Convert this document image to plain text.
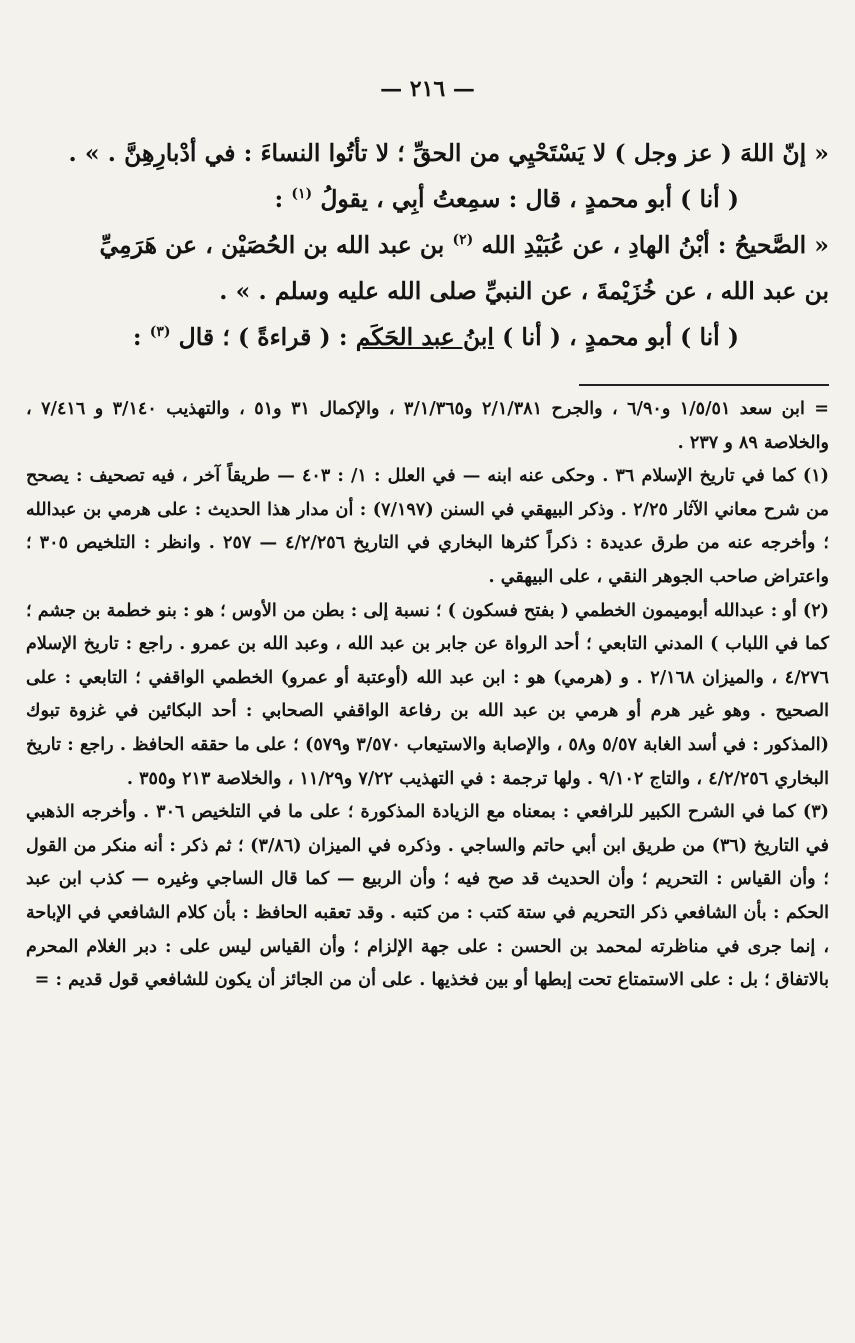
— ٢١٦ —

« إنّ اللهَ ( عز وجل ) لا يَسْتَحْيِي من الحقِّ ؛ لا تأتُوا النساءَ : في أدْبارِهِنَّ . » .

( أنا ) أبو محمدٍ ، قال : سمِعتُ أبِي ، يقولُ $^{(١)}$ :

« الصَّحيحُ : أبْنُ الهادِ ، عن عُبَيْدِ الله $^{(٢)}$ بن عبد الله بن الحُصَيْن ، عن هَرَمِيِّ

بن عبد الله ، عن خُزَيْمةَ ، عن النبيِّ صلى الله عليه وسلم . » .

( أنا ) أبو محمدٍ ، ( أنا ) ابنُ عبد الحَكَم : ( قراءةً ) ؛ قال $^{(٣)}$ :

= ابن سعد ١/٥/٥١ و٦/٩٠ ، والجرح ٢/١/٣٨١ و٣/١/٣٦٥ ، والإكمال ٣١ و٥١ ، والتهذيب ٣/١٤٠ و ٧/٤١٦ ، والخلاصة ٨٩ و ٢٣٧ .

(١) كما في تاريخ الإسلام ٣٦ . وحكى عنه ابنه — في العلل : ١/ : ٤٠٣ — طريقاً آخر ، فيه تصحيف : يصحح من شرح معاني الآثار ٢/٢٥ . وذكر البيهقي في السنن (٧/١٩٧) : أن مدار هذا الحديث : على هرمي بن عبدالله ؛ وأخرجه عنه من طرق عديدة : ذكراً كثرها البخاري في التاريخ ٤/٢/٢٥٦ — ٢٥٧ . وانظر : التلخيص ٣٠٥ ؛ واعتراض صاحب الجوهر النقي ، على البيهقي .

(٢) أو : عبدالله أبوميمون الخطمي ( بفتح فسكون ) ؛ نسبة إلى : بطن من الأوس ؛ هو : بنو خطمة بن جشم ؛ كما في اللباب ) المدني التابعي ؛ أحد الرواة عن جابر بن عبد الله ، وعبد الله بن عمرو . راجع : تاريخ الإسلام ٤/٢٧٦ ، والميزان ٢/١٦٨ . و (هرمي) هو : ابن عبد الله (أوعتبة أو عمرو) الخطمي الواقفي ؛ التابعي : على الصحيح . وهو غير هرم أو هرمي بن عبد الله بن رفاعة الواقفي الصحابي : أحد البكائين في غزوة تبوك (المذكور : في أسد الغابة ٥/٥٧ و٥٨ ، والإصابة والاستيعاب ٣/٥٧٠ و٥٧٩) ؛ على ما حققه الحافظ . راجع : تاريخ البخاري ٤/٢/٢٥٦ ، والتاج ٩/١٠٢ . ولها ترجمة : في التهذيب ٧/٢٢ و١١/٢٩ ، والخلاصة ٢١٣ و٣٥٥ .

(٣) كما في الشرح الكبير للرافعي : بمعناه مع الزيادة المذكورة ؛ على ما في التلخيص ٣٠٦ . وأخرجه الذهبي في التاريخ (٣٦) من طريق ابن أبي حاتم والساجي . وذكره في الميزان (٣/٨٦) ؛ ثم ذكر : أنه منكر من القول ؛ وأن القياس : التحريم ؛ وأن الحديث قد صح فيه ؛ وأن الربيع — كما قال الساجي وغيره — كذب ابن عبد الحكم : بأن الشافعي ذكر التحريم في ستة كتب : من كتبه . وقد تعقبه الحافظ : بأن كلام الشافعي في الإباحة ، إنما جرى في مناظرته لمحمد بن الحسن : على جهة الإلزام ؛ وأن القياس ليس على : دبر الغلام المحرم بالاتفاق ؛ بل : على الاستمتاع تحت إبطها أو بين فخذيها . على أن من الجائز أن يكون للشافعي قول قديم : =
